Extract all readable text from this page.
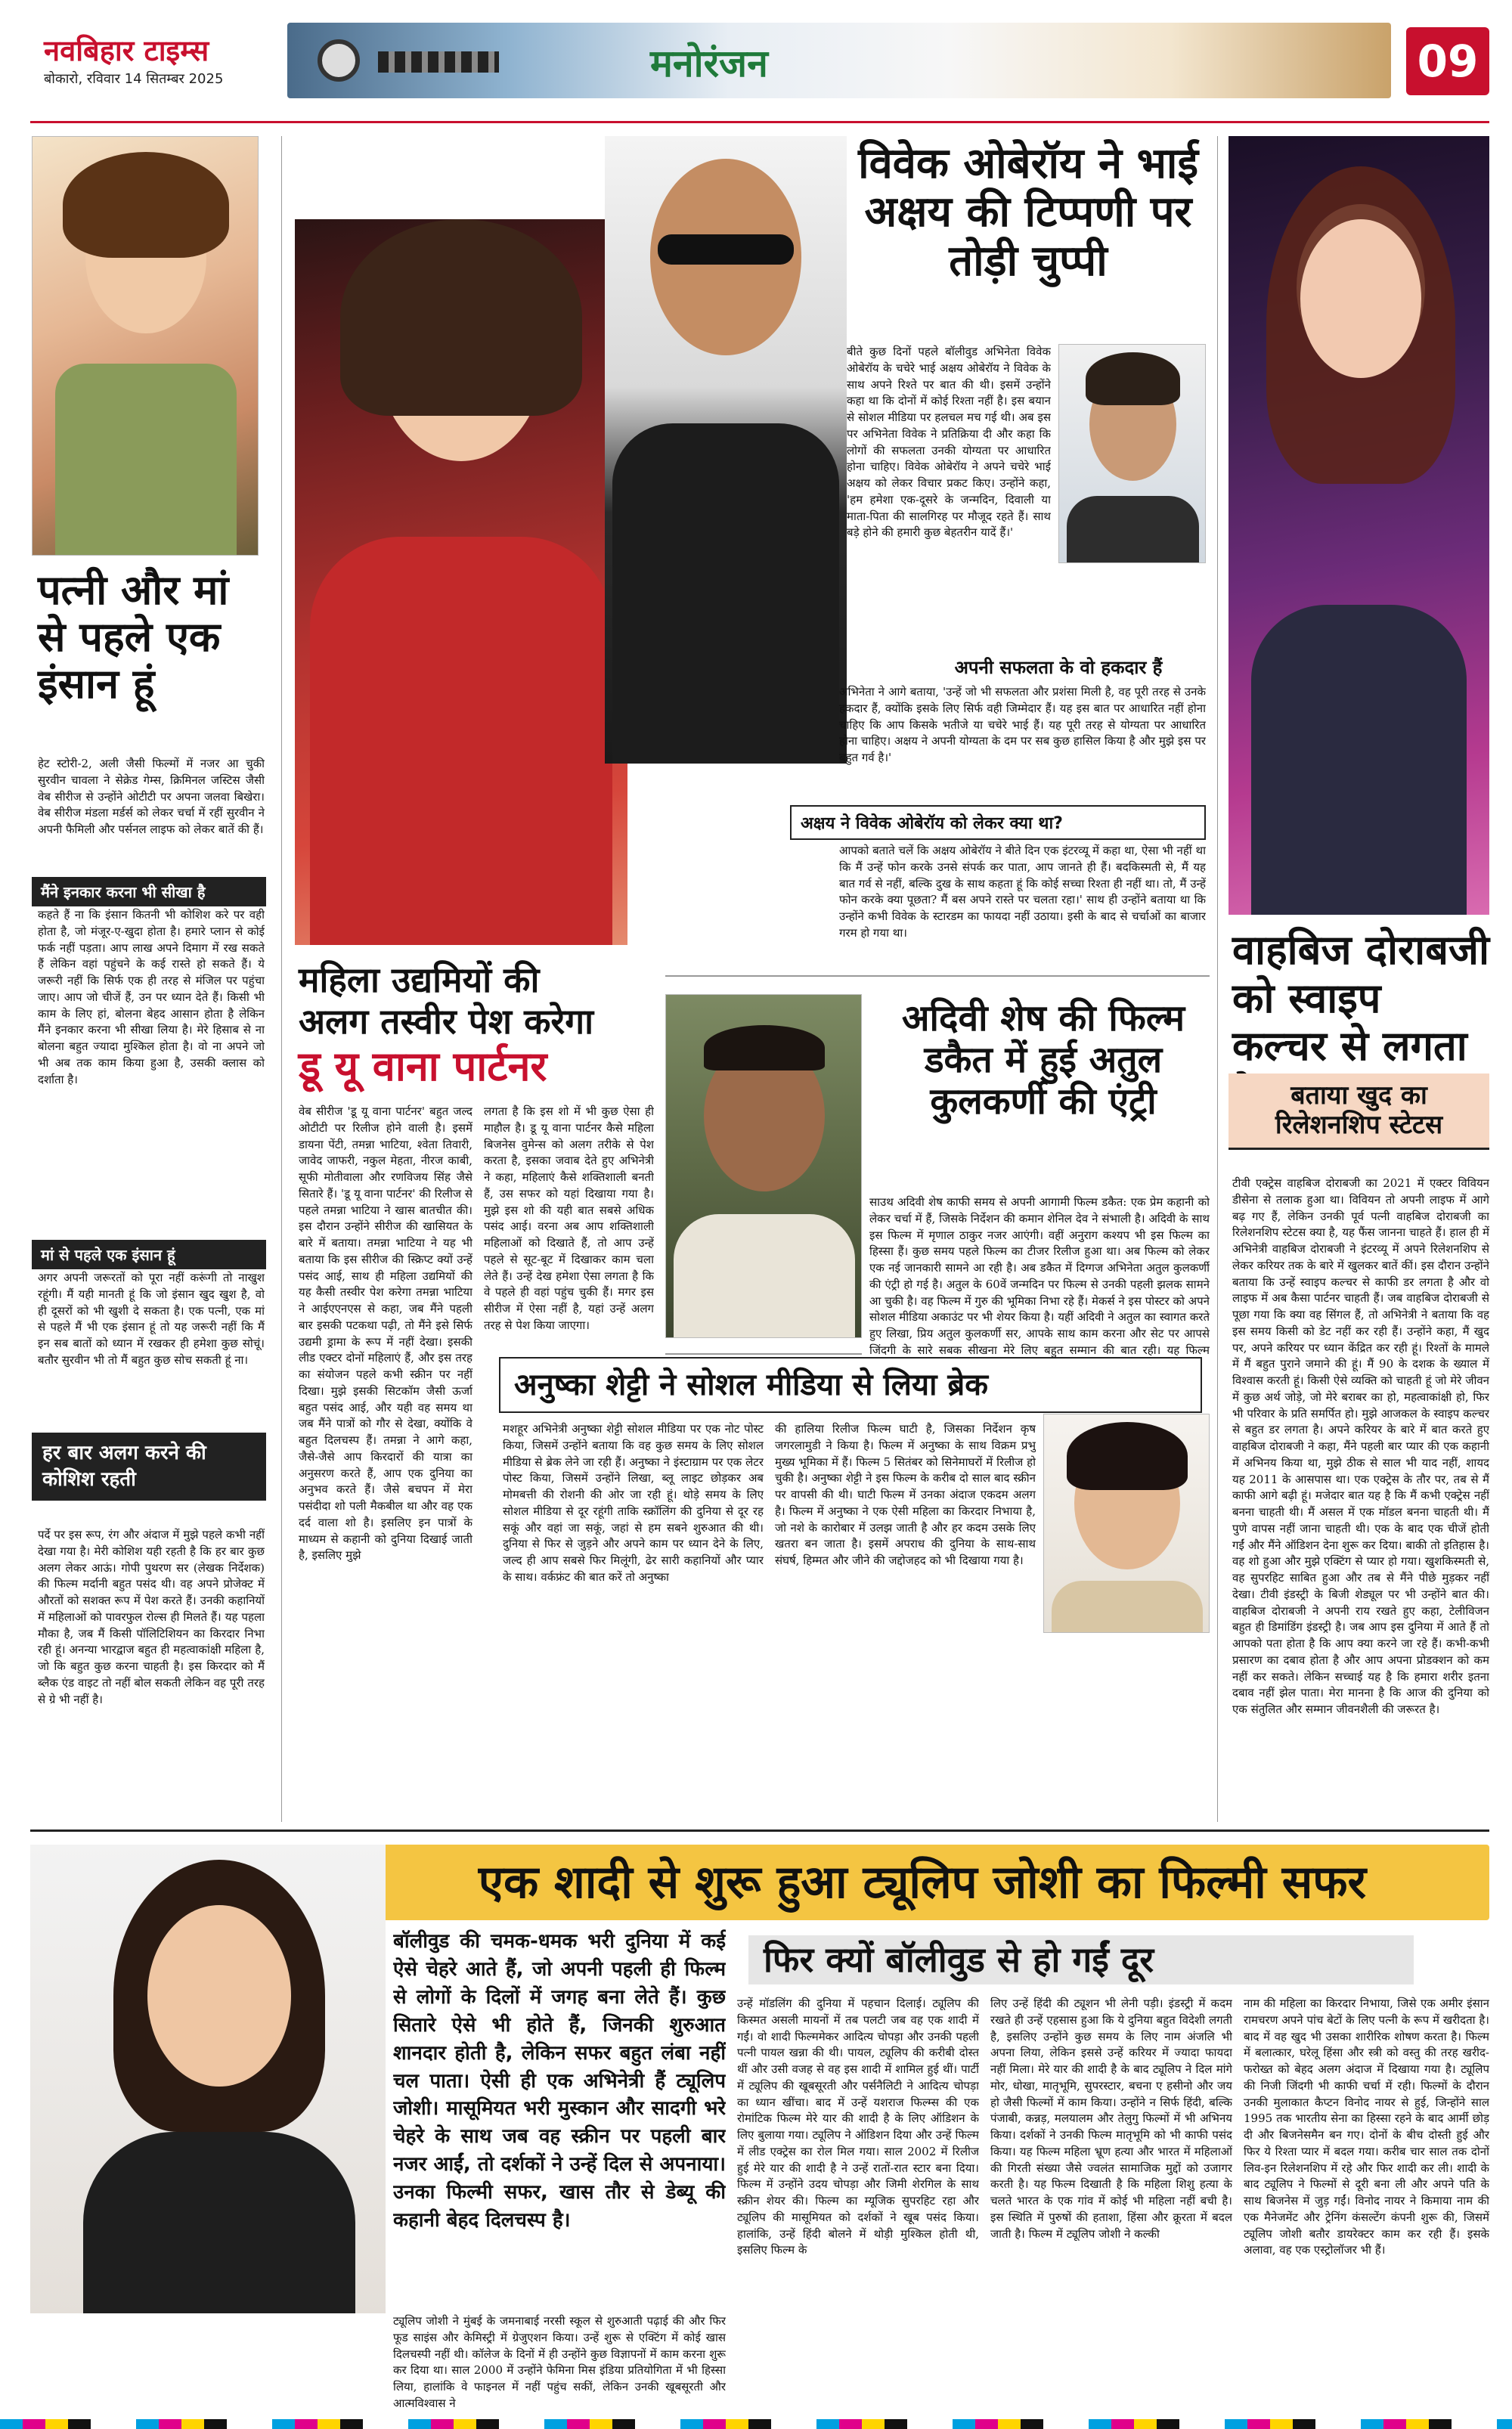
नवबिहार टाइम्स
बोकारो, रविवार 14 सितम्बर 2025	मनोरंजन	09
पत्नी और मां से पहले एक इंसान हूं
हेट स्टोरी-2, अली जैसी फिल्मों में नजर आ चुकी सुरवीन चावला ने सेक्रेड गेम्स, क्रिमिनल जस्टिस जैसी वेब सीरीज से उन्होंने ओटीटी पर अपना जलवा बिखेरा। वेब सीरीज मंडला मर्डर्स को लेकर चर्चा में रहीं सुरवीन ने अपनी फैमिली और पर्सनल लाइफ को लेकर बातें की हैं।
मैंने इनकार करना भी सीखा है
कहते हैं ना कि इंसान कितनी भी कोशिश करे पर वही होता है, जो मंजूर-ए-खुदा होता है। हमारे प्लान से कोई फर्क नहीं पड़ता। आप लाख अपने दिमाग में रख सकते हैं लेकिन वहां पहुंचने के कई रास्ते हो सकते हैं। ये जरूरी नहीं कि सिर्फ एक ही तरह से मंजिल पर पहुंचा जाए। आप जो चीजें हैं, उन पर ध्यान देते हैं। किसी भी काम के लिए हां, बोलना बेहद आसान होता है लेकिन मैंने इनकार करना भी सीखा लिया है। मेरे हिसाब से ना बोलना बहुत ज्यादा मुश्किल होता है। वो ना अपने जो भी अब तक काम किया हुआ है, उसकी क्लास को दर्शाता है।
मां से पहले एक इंसान हूं
अगर अपनी जरूरतों को पूरा नहीं करूंगी तो नाखुश रहूंगी। मैं यही मानती हूं कि जो इंसान खुद खुश है, वो ही दूसरों को भी खुशी दे सकता है। एक पत्नी, एक मां से पहले मैं भी एक इंसान हूं तो यह जरूरी नहीं कि मैं इन सब बातों को ध्यान में रखकर ही हमेशा कुछ सोचूं। बतौर सुरवीन भी तो मैं बहुत कुछ सोच सकती हूं ना।
हर बार अलग करने की कोशिश रहती
पर्दे पर इस रूप, रंग और अंदाज में मुझे पहले कभी नहीं देखा गया है। मेरी कोशिश यही रहती है कि हर बार कुछ अलग लेकर आऊं। गोपी पुथरण सर (लेखक निर्देशक) की फिल्म मर्दानी बहुत पसंद थी। वह अपने प्रोजेक्ट में औरतों को सशक्त रूप में पेश करते हैं। उनकी कहानियों में महिलाओं को पावरफुल रोल्स ही मिलते हैं। यह पहला मौका है, जब मैं किसी पॉलिटिशियन का किरदार निभा रही हूं। अनन्या भारद्वाज बहुत ही महत्वाकांक्षी महिला है, जो कि बहुत कुछ करना चाहती है। इस किरदार को मैं ब्लैक एंड वाइट तो नहीं बोल सकती लेकिन वह पूरी तरह से ग्रे भी नहीं है।
महिला उद्यमियों की
अलग तस्वीर पेश करेगा
डू यू वाना पार्टनर
वेब सीरीज 'डू यू वाना पार्टनर' बहुत जल्द ओटीटी पर रिलीज होने वाली है। इसमें डायना पेंटी, तमन्ना भाटिया, श्वेता तिवारी, जावेद जाफरी, नकुल मेहता, नीरज काबी, सूफी मोतीवाला और रणविजय सिंह जैसे सितारे हैं। 'डू यू वाना पार्टनर' की रिलीज से पहले तमन्ना भाटिया ने खास बातचीत की। इस दौरान उन्होंने सीरीज की खासियत के बारे में बताया। तमन्ना भाटिया ने यह भी बताया कि इस सीरीज की स्क्रिप्ट क्यों उन्हें पसंद आई, साथ ही महिला उद्यमियों की यह कैसी तस्वीर पेश करेगा तमन्ना भाटिया ने आईएएनएस से कहा, जब मैंने पहली बार इसकी पटकथा पढ़ी, तो मैंने इसे सिर्फ उद्यमी ड्रामा के रूप में नहीं देखा। इसकी लीड एक्टर दोनों महिलाएं हैं, और इस तरह का संयोजन पहले कभी स्क्रीन पर नहीं दिखा। मुझे इसकी सिटकॉम जैसी ऊर्जा बहुत पसंद आई, और यही वह समय था जब मैंने पात्रों को गौर से देखा, क्योंकि वे बहुत दिलचस्प हैं। तमन्ना ने आगे कहा, जैसे-जैसे आप किरदारों की यात्रा का अनुसरण करते हैं, आप एक दुनिया का अनुभव करते हैं। जैसे बचपन में मेरा पसंदीदा शो पली मैकबील था और वह एक दर्द वाला शो है। इसलिए इन पात्रों के माध्यम से कहानी को दुनिया दिखाई जाती है, इसलिए मुझे
लगता है कि इस शो में भी कुछ ऐसा ही माहौल है। डू यू वाना पार्टनर कैसे महिला बिजनेस वुमेन्स को अलग तरीके से पेश करता है, इसका जवाब देते हुए अभिनेत्री ने कहा, महिलाएं कैसे शक्तिशाली बनती हैं, उस सफर को यहां दिखाया गया है। मुझे इस शो की यही बात सबसे अधिक पसंद आई। वरना अब आप शक्तिशाली महिलाओं को दिखाते हैं, तो आप उन्हें पहले से सूट-बूट में दिखाकर काम चला लेते हैं। उन्हें देख हमेशा ऐसा लगता है कि वे पहले ही वहां पहुंच चुकी हैं। मगर इस सीरीज में ऐसा नहीं है, यहां उन्हें अलग तरह से पेश किया जाएगा।
विवेक ओबेरॉय ने भाई अक्षय की टिप्पणी पर तोड़ी चुप्पी
बीते कुछ दिनों पहले बॉलीवुड अभिनेता विवेक ओबेरॉय के चचेरे भाई अक्षय ओबेरॉय ने विवेक के साथ अपने रिश्ते पर बात की थी। इसमें उन्होंने कहा था कि दोनों में कोई रिश्ता नहीं है। इस बयान से सोशल मीडिया पर हलचल मच गई थी। अब इस पर अभिनेता विवेक ने प्रतिक्रिया दी और कहा कि लोगों की सफलता उनकी योग्यता पर आधारित होना चाहिए। विवेक ओबेरॉय ने अपने चचेरे भाई अक्षय को लेकर विचार प्रकट किए। उन्होंने कहा, 'हम हमेशा एक-दूसरे के जन्मदिन, दिवाली या माता-पिता की सालगिरह पर मौजूद रहते हैं। साथ बड़े होने की हमारी कुछ बेहतरीन यादें हैं।'
अपनी सफलता के वो हकदार हैं
अभिनेता ने आगे बताया, 'उन्हें जो भी सफलता और प्रशंसा मिली है, वह पूरी तरह से उनके हकदार हैं, क्योंकि इसके लिए सिर्फ वही जिम्मेदार हैं। यह इस बात पर आधारित नहीं होना चाहिए कि आप किसके भतीजे या चचेरे भाई हैं। यह पूरी तरह से योग्यता पर आधारित होना चाहिए। अक्षय ने अपनी योग्यता के दम पर सब कुछ हासिल किया है और मुझे इस पर बहुत गर्व है।'
अक्षय ने विवेक ओबेरॉय को लेकर क्या था?
आपको बताते चलें कि अक्षय ओबेरॉय ने बीते दिन एक इंटरव्यू में कहा था, ऐसा भी नहीं था कि मैं उन्हें फोन करके उनसे संपर्क कर पाता, आप जानते ही हैं। बदकिस्मती से, मैं यह बात गर्व से नहीं, बल्कि दुख के साथ कहता हूं कि कोई सच्चा रिश्ता ही नहीं था। तो, मैं उन्हें फोन करके क्या पूछता? मैं बस अपने रास्ते पर चलता रहा।' साथ ही उन्होंने बताया था कि उन्होंने कभी विवेक के स्टारडम का फायदा नहीं उठाया। इसी के बाद से चर्चाओं का बाजार गरम हो गया था।
अदिवी शेष की फिल्म डकैत में हुई अतुल कुलकर्णी की एंट्री
साउथ अदिवी शेष काफी समय से अपनी आगामी फिल्म डकैत: एक प्रेम कहानी को लेकर चर्चा में हैं, जिसके निर्देशन की कमान शेनिल देव ने संभाली है। अदिवी के साथ इस फिल्म में मृणाल ठाकुर नजर आएंगी। वहीं अनुराग कश्यप भी इस फिल्म का हिस्सा हैं। कुछ समय पहले फिल्म का टीजर रिलीज हुआ था। अब फिल्म को लेकर एक नई जानकारी सामने आ रही है। अब डकैत में दिग्गज अभिनेता अतुल कुलकर्णी की एंट्री हो गई है। अतुल के 60वें जन्मदिन पर फिल्म से उनकी पहली झलक सामने आ चुकी है। वह फिल्म में गुरु की भूमिका निभा रहे हैं। मेकर्स ने इस पोस्टर को अपने सोशल मीडिया अकाउंट पर भी शेयर किया है। यहीं अदिवी ने अतुल का स्वागत करते हुए लिखा, प्रिय अतुल कुलकर्णी सर, आपके साथ काम करना और सेट पर आपसे जिंदगी के सारे सबक सीखना मेरे लिए बहुत सम्मान की बात रही। यह फिल्म
अनुष्का शेट्टी ने सोशल मीडिया से लिया ब्रेक
मशहूर अभिनेत्री अनुष्का शेट्टी सोशल मीडिया पर एक नोट पोस्ट किया, जिसमें उन्होंने बताया कि वह कुछ समय के लिए सोशल मीडिया से ब्रेक लेने जा रही हैं। अनुष्का ने इंस्टाग्राम पर एक लेटर पोस्ट किया, जिसमें उन्होंने लिखा, ब्लू लाइट छोड़कर अब मोमबत्ती की रोशनी की ओर जा रही हूं। थोड़े समय के लिए सोशल मीडिया से दूर रहूंगी ताकि स्क्रॉलिंग की दुनिया से दूर रह सकूं और वहां जा सकूं, जहां से हम सबने शुरुआत की थी। दुनिया से फिर से जुड़ने और अपने काम पर ध्यान देने के लिए, जल्द ही आप सबसे फिर मिलूंगी, ढेर सारी कहानियों और प्यार के साथ। वर्कफ्रंट की बात करें तो अनुष्का
की हालिया रिलीज फिल्म घाटी है, जिसका निर्देशन कृष जगरलामुडी ने किया है। फिल्म में अनुष्का के साथ विक्रम प्रभु मुख्य भूमिका में हैं। फिल्म 5 सितंबर को सिनेमाघरों में रिलीज हो चुकी है। अनुष्का शेट्टी ने इस फिल्म के करीब दो साल बाद स्क्रीन पर वापसी की थी। घाटी फिल्म में उनका अंदाज एकदम अलग है। फिल्म में अनुष्का ने एक ऐसी महिला का किरदार निभाया है, जो नशे के कारोबार में उलझ जाती है और हर कदम उसके लिए खतरा बन जाता है। इसमें अपराध की दुनिया के साथ-साथ संघर्ष, हिम्मत और जीने की जद्दोजहद को भी दिखाया गया है।
वाहबिज दोराबजी को स्वाइप कल्चर से लगता
बताया खुद का रिलेशनशिप स्टेटस
टीवी एक्ट्रेस वाहबिज दोराबजी का 2021 में एक्टर विवियन डीसेना से तलाक हुआ था। विवियन तो अपनी लाइफ में आगे बढ़ गए हैं, लेकिन उनकी पूर्व पत्नी वाहबिज दोराबजी का रिलेशनशिप स्टेटस क्या है, यह फैंस जानना चाहते हैं। हाल ही में अभिनेत्री वाहबिज दोराबजी ने इंटरव्यू में अपने रिलेशनशिप से लेकर करियर तक के बारे में खुलकर बातें कीं। इस दौरान उन्होंने बताया कि उन्हें स्वाइप कल्चर से काफी डर लगता है और वो लाइफ में अब कैसा पार्टनर चाहती हैं। जब वाहबिज दोराबजी से पूछा गया कि क्या वह सिंगल हैं, तो अभिनेत्री ने बताया कि वह इस समय किसी को डेट नहीं कर रही हैं। उन्होंने कहा, मैं खुद पर, अपने करियर पर ध्यान केंद्रित कर रही हूं। रिश्तों के मामले में मैं बहुत पुराने जमाने की हूं। मैं 90 के दशक के ख्याल में विश्वास करती हूं। किसी ऐसे व्यक्ति को चाहती हूं जो मेरे जीवन में कुछ अर्थ जोड़े, जो मेरे बराबर का हो, महत्वाकांक्षी हो, फिर भी परिवार के प्रति समर्पित हो। मुझे आजकल के स्वाइप कल्चर से बहुत डर लगता है। अपने करियर के बारे में बात करते हुए वाहबिज दोराबजी ने कहा, मैंने पहली बार प्यार की एक कहानी में अभिनय किया था, मुझे ठीक से साल भी याद नहीं, शायद यह 2011 के आसपास था। एक एक्ट्रेस के तौर पर, तब से मैं काफी आगे बढ़ी हूं। मजेदार बात यह है कि मैं कभी एक्ट्रेस नहीं बनना चाहती थी। मैं असल में एक मॉडल बनना चाहती थी। मैं पुणे वापस नहीं जाना चाहती थी। एक के बाद एक चीजें होती गईं और मैंने ऑडिशन देना शुरू कर दिया। बाकी तो इतिहास है। वह शो हुआ और मुझे एक्टिंग से प्यार हो गया। खुशकिस्मती से, वह सुपरहिट साबित हुआ और तब से मैंने पीछे मुड़कर नहीं देखा। टीवी इंडस्ट्री के बिजी शेड्यूल पर भी उन्होंने बात की। वाहबिज दोराबजी ने अपनी राय रखते हुए कहा, टेलीविजन बहुत ही डिमांडिंग इंडस्ट्री है। जब आप इस दुनिया में आते हैं तो आपको पता होता है कि आप क्या करने जा रहे हैं। कभी-कभी प्रसारण का दबाव होता है और आप अपना प्रोडक्शन को कम नहीं कर सकते। लेकिन सच्चाई यह है कि हमारा शरीर इतना दबाव नहीं झेल पाता। मेरा मानना है कि आज की दुनिया को एक संतुलित और सम्मान जीवनशैली की जरूरत है।
एक शादी से शुरू हुआ ट्यूलिप जोशी का फिल्मी सफर
फिर क्यों बॉलीवुड से हो गईं दूर
बॉलीवुड की चमक-धमक भरी दुनिया में कई ऐसे चेहरे आते हैं, जो अपनी पहली ही फिल्म से लोगों के दिलों में जगह बना लेते हैं। कुछ सितारे ऐसे भी होते हैं, जिनकी शुरुआत शानदार होती है, लेकिन सफर बहुत लंबा नहीं चल पाता। ऐसी ही एक अभिनेत्री हैं ट्यूलिप जोशी। मासूमियत भरी मुस्कान और सादगी भरे चेहरे के साथ जब वह स्क्रीन पर पहली बार नजर आईं, तो दर्शकों ने उन्हें दिल से अपनाया। उनका फिल्मी सफर, खास तौर से डेब्यू की कहानी बेहद दिलचस्प है।
ट्यूलिप जोशी ने मुंबई के जमनाबाई नरसी स्कूल से शुरुआती पढ़ाई की और फिर फूड साइंस और केमिस्ट्री में ग्रेजुएशन किया। उन्हें शुरू से एक्टिंग में कोई खास दिलचस्पी नहीं थी। कॉलेज के दिनों में ही उन्होंने कुछ विज्ञापनों में काम करना शुरू कर दिया था। साल 2000 में उन्होंने फेमिना मिस इंडिया प्रतियोगिता में भी हिस्सा लिया, हालांकि वे फाइनल में नहीं पहुंच सकीं, लेकिन उनकी खूबसूरती और आत्मविश्वास ने
उन्हें मॉडलिंग की दुनिया में पहचान दिलाई। ट्यूलिप की किस्मत असली मायनों में तब पलटी जब वह एक शादी में गईं। वो शादी फिल्ममेकर आदित्य चोपड़ा और उनकी पहली पत्नी पायल खन्ना की थी। पायल, ट्यूलिप की करीबी दोस्त थीं और उसी वजह से वह इस शादी में शामिल हुई थीं। पार्टी में ट्यूलिप की खूबसूरती और पर्सनैलिटी ने आदित्य चोपड़ा का ध्यान खींचा। बाद में उन्हें यशराज फिल्म्स की एक रोमांटिक फिल्म मेरे यार की शादी है के लिए ऑडिशन के लिए बुलाया गया। ट्यूलिप ने ऑडिशन दिया और उन्हें फिल्म में लीड एक्ट्रेस का रोल मिल गया। साल 2002 में रिलीज हुई मेरे यार की शादी है ने उन्हें रातों-रात स्टार बना दिया। फिल्म में उन्होंने उदय चोपड़ा और जिमी शेरगिल के साथ स्क्रीन शेयर की। फिल्म का म्यूजिक सुपरहिट रहा और ट्यूलिप की मासूमियत को दर्शकों ने खूब पसंद किया। हालांकि, उन्हें हिंदी बोलने में थोड़ी मुश्किल होती थी, इसलिए फिल्म के
लिए उन्हें हिंदी की ट्यूशन भी लेनी पड़ी। इंडस्ट्री में कदम रखते ही उन्हें एहसास हुआ कि ये दुनिया बहुत विदेशी लगती है, इसलिए उन्होंने कुछ समय के लिए नाम अंजलि भी अपना लिया, लेकिन इससे उन्हें करियर में ज्यादा फायदा नहीं मिला। मेरे यार की शादी है के बाद ट्यूलिप ने दिल मांगे मोर, धोखा, मातृभूमि, सुपरस्टार, बचना ए हसीनो और जय हो जैसी फिल्मों में काम किया। उन्होंने न सिर्फ हिंदी, बल्कि पंजाबी, कन्नड़, मलयालम और तेलुगु फिल्मों में भी अभिनय किया। दर्शकों ने उनकी फिल्म मातृभूमि को भी काफी पसंद किया। यह फिल्म महिला भ्रूण हत्या और भारत में महिलाओं की गिरती संख्या जैसे ज्वलंत सामाजिक मुद्दों को उजागर करती है। यह फिल्म दिखाती है कि महिला शिशु हत्या के चलते भारत के एक गांव में कोई भी महिला नहीं बची है। इस स्थिति में पुरुषों की हताशा, हिंसा और क्रूरता में बदल जाती है। फिल्म में ट्यूलिप जोशी ने कल्की
नाम की महिला का किरदार निभाया, जिसे एक अमीर इंसान रामचरण अपने पांच बेटों के लिए पत्नी के रूप में खरीदता है। बाद में वह खुद भी उसका शारीरिक शोषण करता है। फिल्म में बलात्कार, घरेलू हिंसा और स्त्री को वस्तु की तरह खरीद-फरोख्त को बेहद अलग अंदाज में दिखाया गया है। ट्यूलिप की निजी जिंदगी भी काफी चर्चा में रही। फिल्मों के दौरान उनकी मुलाकात कैप्टन विनोद नायर से हुई, जिन्होंने साल 1995 तक भारतीय सेना का हिस्सा रहने के बाद आर्मी छोड़ दी और बिजनेसमैन बन गए। दोनों के बीच दोस्ती हुई और फिर ये रिश्ता प्यार में बदल गया। करीब चार साल तक दोनों लिव-इन रिलेशनशिप में रहे और फिर शादी कर ली। शादी के बाद ट्यूलिप ने फिल्मों से दूरी बना ली और अपने पति के साथ बिजनेस में जुड़ गईं। विनोद नायर ने किमाया नाम की एक मैनेजमेंट और ट्रेनिंग कंसल्टेंग कंपनी शुरू की, जिसमें ट्यूलिप जोशी बतौर डायरेक्टर काम कर रही हैं। इसके अलावा, वह एक एस्ट्रोलॉजर भी हैं।
